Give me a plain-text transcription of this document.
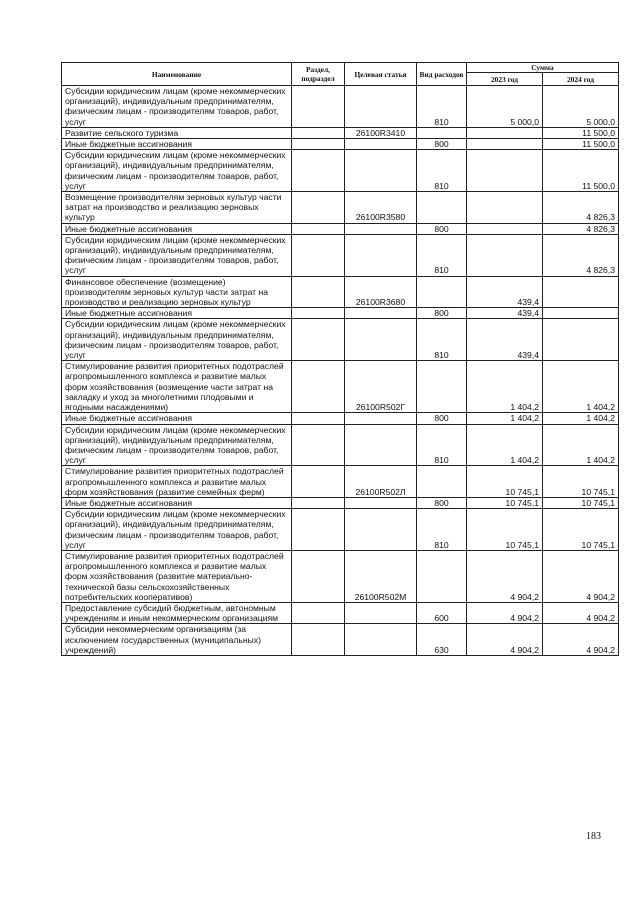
Наименование	Раздел, подраздел	Целевая статья	Вид расходов	Сумма	
				2023 год	2024 год
Субсидии юридическим лицам (кроме некоммерческих организаций), индивидуальным предпринимателям, физическим лицам - производителям товаров, работ, услуг			810	5 000,0	5 000,0
Развитие сельского туризма		26100R3410			11 500,0
Иные бюджетные ассигнования			800		11 500,0
Субсидии юридическим лицам (кроме некоммерческих организаций), индивидуальным предпринимателям, физическим лицам - производителям товаров, работ, услуг			810		11 500,0
Возмещение производителям зерновых культур части затрат на производство и реализацию зерновых культур		26100R3580			4 826,3
Иные бюджетные ассигнования			800		4 826,3
Субсидии юридическим лицам (кроме некоммерческих организаций), индивидуальным предпринимателям, физическим лицам - производителям товаров, работ, услуг			810		4 826,3
Финансовое обеспечение (возмещение) производителям зерновых культур части затрат на производство и реализацию зерновых культур		26100R3680		439,4	
Иные бюджетные ассигнования			800	439,4	
Субсидии юридическим лицам (кроме некоммерческих организаций), индивидуальным предпринимателям, физическим лицам - производителям товаров, работ, услуг			810	439,4	
Стимулирование развития приоритетных подотраслей агропромышленного комплекса и развитие малых форм хозяйствования (возмещение части затрат на закладку и уход за многолетними плодовыми и ягодными насаждениями)		26100R502Г		1 404,2	1 404,2
Иные бюджетные ассигнования			800	1 404,2	1 404,2
Субсидии юридическим лицам (кроме некоммерческих организаций), индивидуальным предпринимателям, физическим лицам - производителям товаров, работ, услуг			810	1 404,2	1 404,2
Стимулирование развития приоритетных подотраслей агропромышленного комплекса и развитие малых форм хозяйствования (развитие семейных ферм)		26100R502Л		10 745,1	10 745,1
Иные бюджетные ассигнования			800	10 745,1	10 745,1
Субсидии юридическим лицам (кроме некоммерческих организаций), индивидуальным предпринимателям, физическим лицам - производителям товаров, работ, услуг			810	10 745,1	10 745,1
Стимулирование развития приоритетных подотраслей агропромышленного комплекса и развитие малых форм хозяйствования (развитие материально-технической базы сельскохозяйственных потребительских кооперативов)		26100R502М		4 904,2	4 904,2
Предоставление субсидий бюджетным, автономным учреждениям и иным некоммерческим организациям			600	4 904,2	4 904,2
Субсидии некоммерческим организациям (за исключением государственных (муниципальных) учреждений)			630	4 904,2	4 904,2
183
